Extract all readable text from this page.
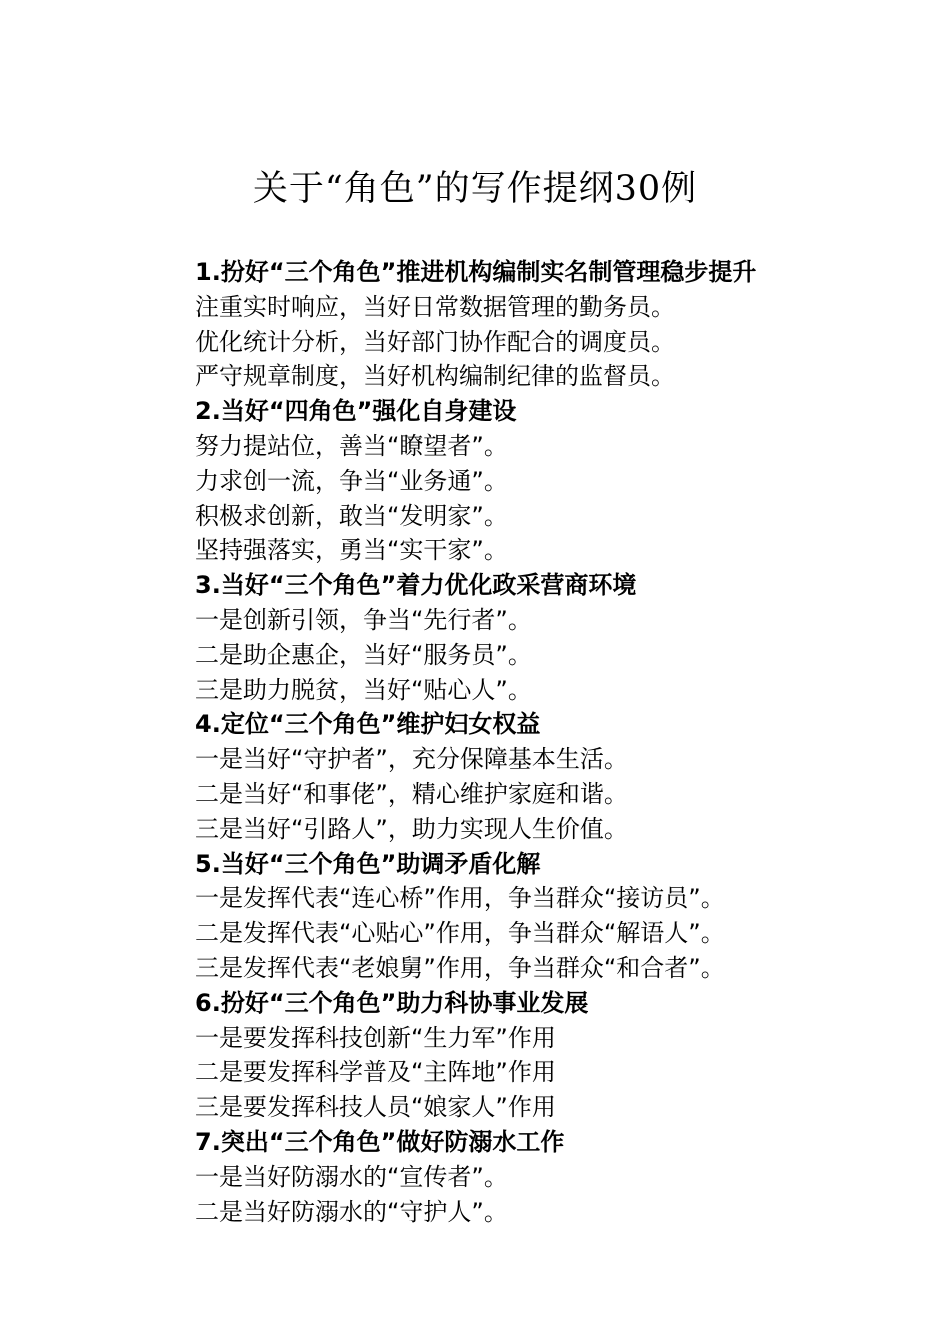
关于“角色”的写作提纲30例
1.扮好“三个角色”推进机构编制实名制管理稳步提升
注重实时响应，当好日常数据管理的勤务员。
优化统计分析，当好部门协作配合的调度员。
严守规章制度，当好机构编制纪律的监督员。
2.当好“四角色”强化自身建设
努力提站位，善当“瞭望者”。
力求创一流，争当“业务通”。
积极求创新，敢当“发明家”。
坚持强落实，勇当“实干家”。
3.当好“三个角色”着力优化政采营商环境
一是创新引领，争当“先行者”。
二是助企惠企，当好“服务员”。
三是助力脱贫，当好“贴心人”。
4.定位“三个角色”维护妇女权益
一是当好“守护者”，充分保障基本生活。
二是当好“和事佬”，精心维护家庭和谐。
三是当好“引路人”，助力实现人生价值。
5.当好“三个角色”助调矛盾化解
一是发挥代表“连心桥”作用，争当群众“接访员”。
二是发挥代表“心贴心”作用，争当群众“解语人”。
三是发挥代表“老娘舅”作用，争当群众“和合者”。
6.扮好“三个角色”助力科协事业发展
一是要发挥科技创新“生力军”作用
二是要发挥科学普及“主阵地”作用
三是要发挥科技人员“娘家人”作用
7.突出“三个角色”做好防溺水工作
一是当好防溺水的“宣传者”。
二是当好防溺水的“守护人”。
